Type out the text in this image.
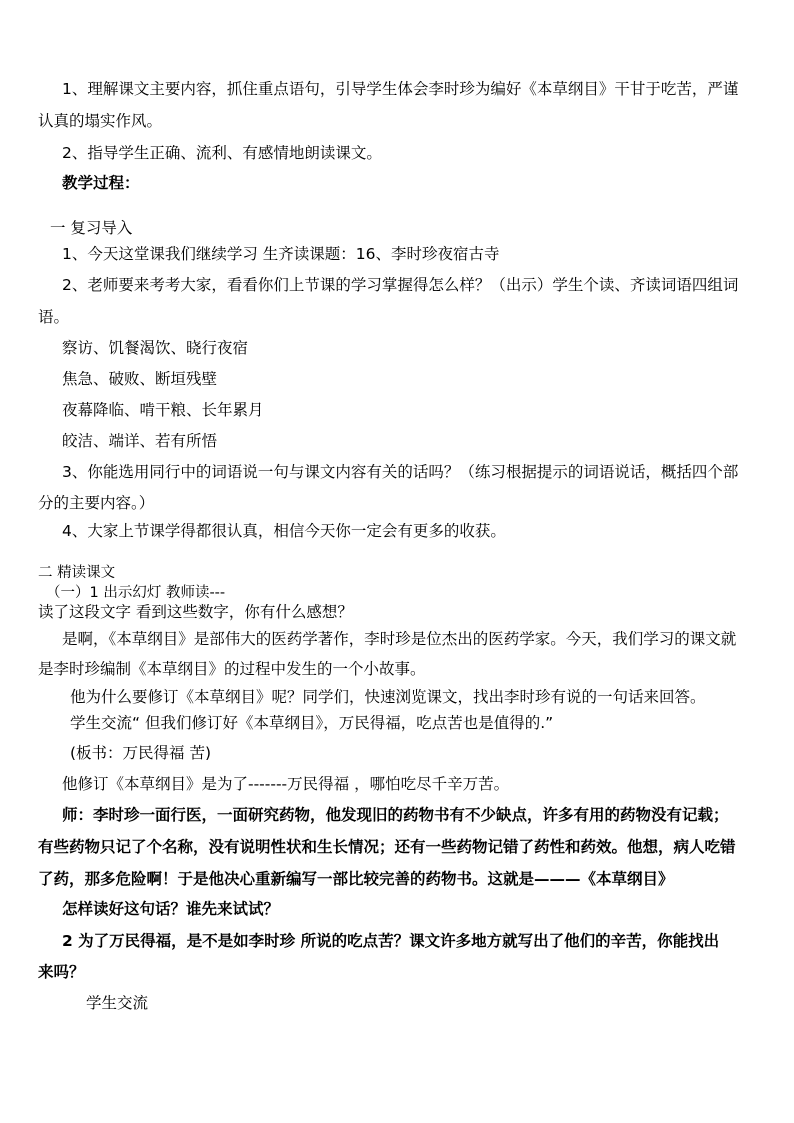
1、理解课文主要内容，抓住重点语句，引导学生体会李时珍为编好《本草纲目》干甘于吃苦，严谨
认真的塌实作风。
2、指导学生正确、流利、有感情地朗读课文。
教学过程：
一 复习导入
1、今天这堂课我们继续学习 生齐读课题：16、李时珍夜宿古寺
2、老师要来考考大家，看看你们上节课的学习掌握得怎么样？（出示）学生个读、齐读词语四组词
语。
察访、饥餐渴饮、晓行夜宿
焦急、破败、断垣残壁
夜幕降临、啃干粮、长年累月
皎洁、端详、若有所悟
3、你能选用同行中的词语说一句与课文内容有关的话吗？（练习根据提示的词语说话，概括四个部
分的主要内容。）
4、大家上节课学得都很认真，相信今天你一定会有更多的收获。
二 精读课文
（一）1 出示幻灯 教师读---
读了这段文字 看到这些数字，你有什么感想？
是啊，《本草纲目》是部伟大的医药学著作，李时珍是位杰出的医药学家。今天，我们学习的课文就
是李时珍编制《本草纲目》的过程中发生的一个小故事。
他为什么要修订《本草纲目》呢？同学们，快速浏览课文，找出李时珍有说的一句话来回答。
学生交流“ 但我们修订好《本草纲目》，万民得福，吃点苦也是值得的.”
(板书：万民得福 苦)
他修订《本草纲目》是为了-------万民得福 ，哪怕吃尽千辛万苦。
师：李时珍一面行医，一面研究药物，他发现旧的药物书有不少缺点，许多有用的药物没有记载；
有些药物只记了个名称，没有说明性状和生长情况；还有一些药物记错了药性和药效。他想，病人吃错
了药，那多危险啊！于是他决心重新编写一部比较完善的药物书。这就是———《本草纲目》
怎样读好这句话？谁先来试试？
2 为了万民得福，是不是如李时珍 所说的吃点苦？课文许多地方就写出了他们的辛苦，你能找出
来吗？
学生交流
